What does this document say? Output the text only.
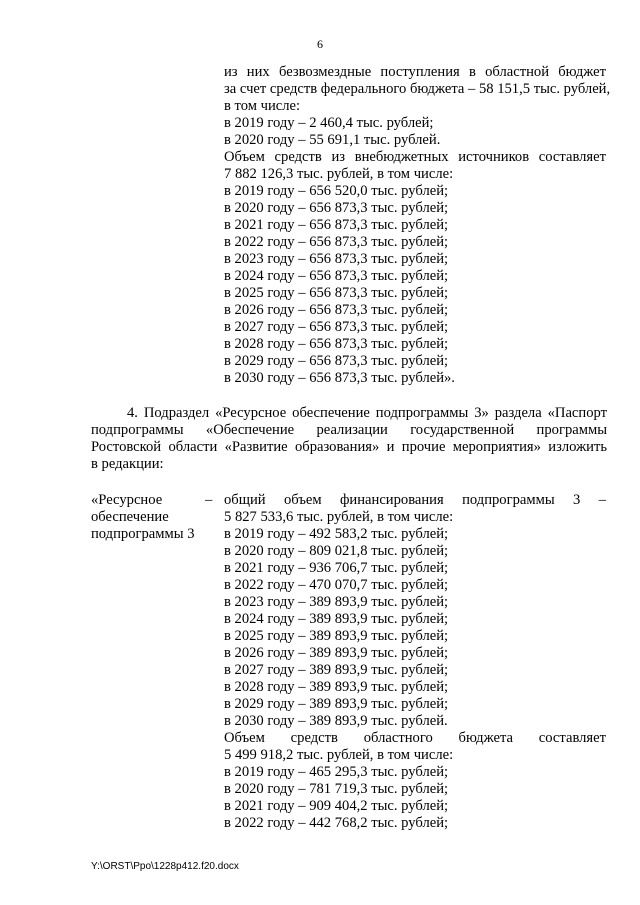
6
из них безвозмездные поступления в областной бюджет
за счет средств федерального бюджета – 58 151,5 тыс. рублей,
в том числе:
в 2019 году – 2 460,4 тыс. рублей;
в 2020 году – 55 691,1 тыс. рублей.
Объем средств из внебюджетных источников составляет
7 882 126,3 тыс. рублей, в том числе:
в 2019 году – 656 520,0 тыс. рублей;
в 2020 году – 656 873,3 тыс. рублей;
в 2021 году – 656 873,3 тыс. рублей;
в 2022 году – 656 873,3 тыс. рублей;
в 2023 году – 656 873,3 тыс. рублей;
в 2024 году – 656 873,3 тыс. рублей;
в 2025 году – 656 873,3 тыс. рублей;
в 2026 году – 656 873,3 тыс. рублей;
в 2027 году – 656 873,3 тыс. рублей;
в 2028 году – 656 873,3 тыс. рублей;
в 2029 году – 656 873,3 тыс. рублей;
в 2030 году – 656 873,3 тыс. рублей».
4. Подраздел «Ресурсное обеспечение подпрограммы 3» раздела «Паспорт
подпрограммы «Обеспечение реализации государственной программы
Ростовской области «Развитие образования» и прочие мероприятия» изложить
в редакции:
«Ресурсное
обеспечение
подпрограммы 3
– общий объем финансирования подпрограммы 3 –
5 827 533,6 тыс. рублей, в том числе:
в 2019 году – 492 583,2 тыс. рублей;
в 2020 году – 809 021,8 тыс. рублей;
в 2021 году – 936 706,7 тыс. рублей;
в 2022 году – 470 070,7 тыс. рублей;
в 2023 году – 389 893,9 тыс. рублей;
в 2024 году – 389 893,9 тыс. рублей;
в 2025 году – 389 893,9 тыс. рублей;
в 2026 году – 389 893,9 тыс. рублей;
в 2027 году – 389 893,9 тыс. рублей;
в 2028 году – 389 893,9 тыс. рублей;
в 2029 году – 389 893,9 тыс. рублей;
в 2030 году – 389 893,9 тыс. рублей.
Объем средств областного бюджета составляет
5 499 918,2 тыс. рублей, в том числе:
в 2019 году – 465 295,3 тыс. рублей;
в 2020 году – 781 719,3 тыс. рублей;
в 2021 году – 909 404,2 тыс. рублей;
в 2022 году – 442 768,2 тыс. рублей;
Y:\ORST\Ppo\1228p412.f20.docx
